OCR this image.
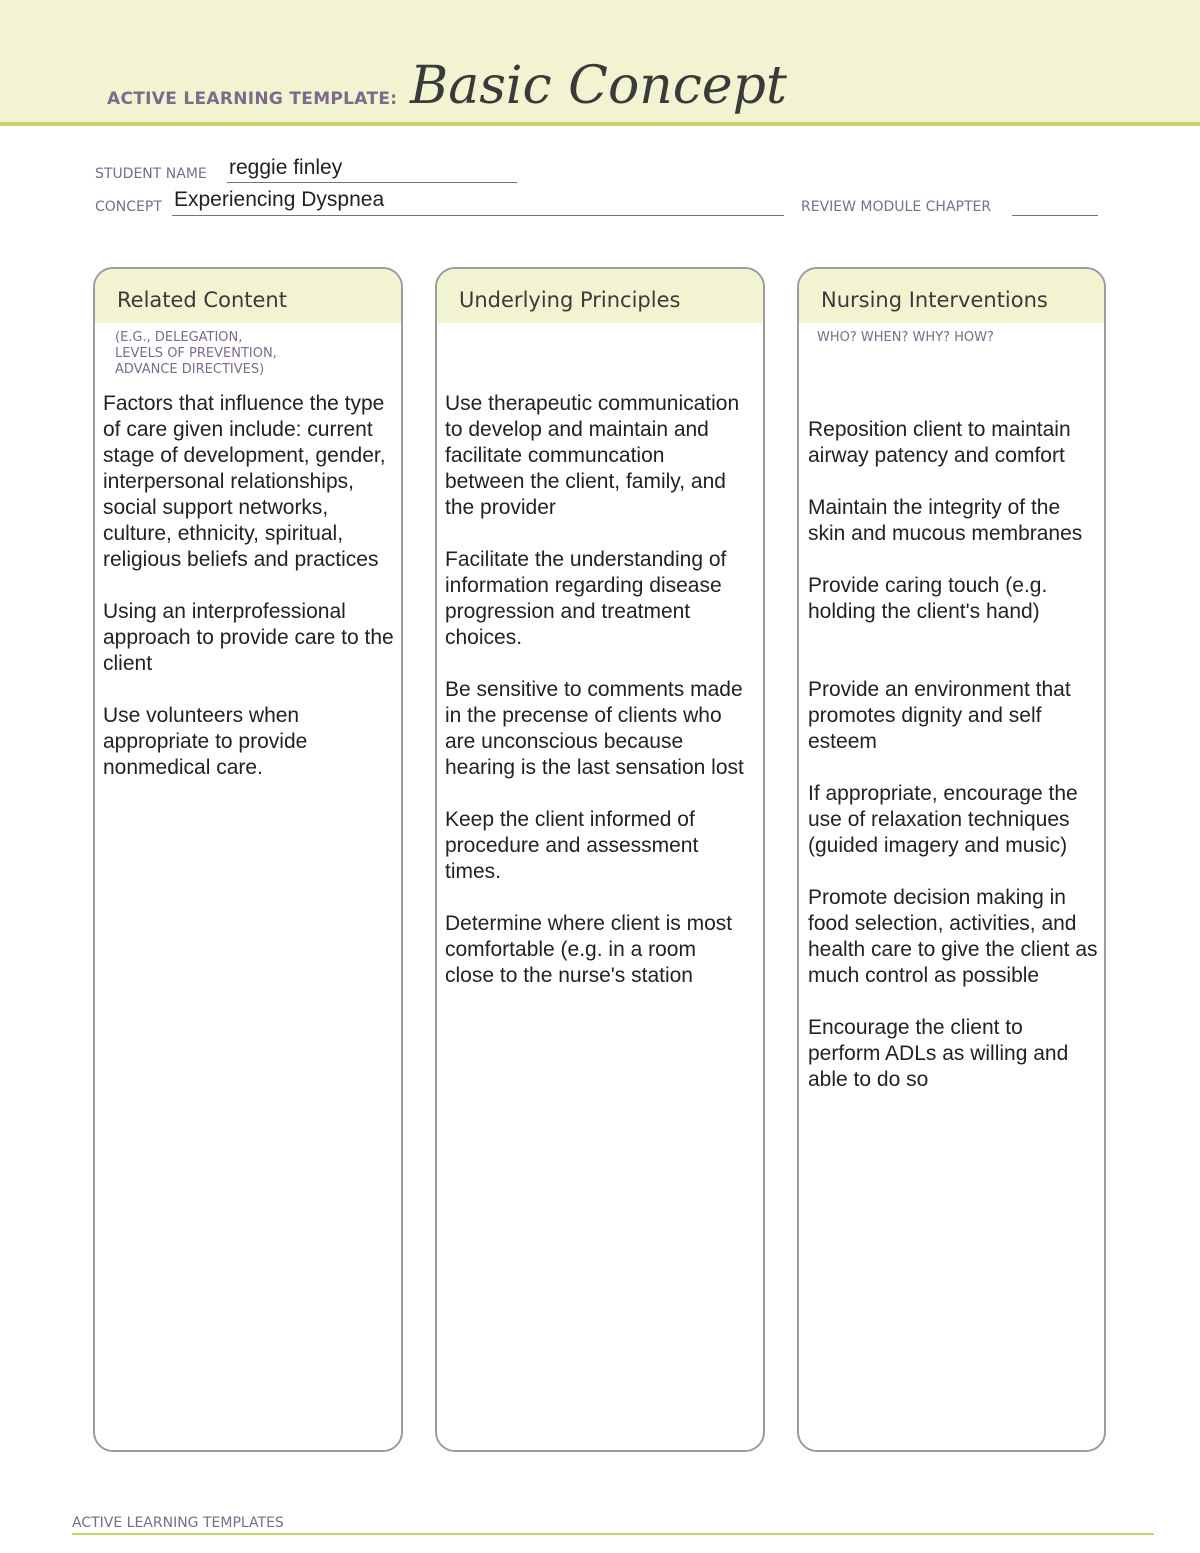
ACTIVE LEARNING TEMPLATE: Basic Concept
STUDENT NAME reggie finley
CONCEPT Experiencing Dyspnea	REVIEW MODULE CHAPTER
Related Content
(E.G., DELEGATION,
LEVELS OF PREVENTION,
ADVANCE DIRECTIVES)

Factors that influence the type of care given include: current stage of development, gender, interpersonal relationships, social support networks, culture, ethnicity, spiritual, religious beliefs and practices

Using an interprofessional approach to provide care to the client

Use volunteers when appropriate to provide nonmedical care.

Underlying Principles

Use therapeutic communication to develop and maintain and facilitate communcation between the client, family, and the provider

Facilitate the understanding of information regarding disease progression and treatment choices.

Be sensitive to comments made in the precense of clients who are unconscious because hearing is the last sensation lost

Keep the client informed of procedure and assessment times.

Determine where client is most comfortable (e.g. in a room close to the nurse's station

Nursing Interventions
WHO? WHEN? WHY? HOW?

Reposition client to maintain airway patency and comfort

Maintain the integrity of the skin and mucous membranes

Provide caring touch (e.g. holding the client's hand)

Provide an environment that promotes dignity and self esteem

If appropriate, encourage the use of relaxation techniques (guided imagery and music)

Promote decision making in food selection, activities, and health care to give the client as much control as possible

Encourage the client to perform ADLs as willing and able to do so

ACTIVE LEARNING TEMPLATES
